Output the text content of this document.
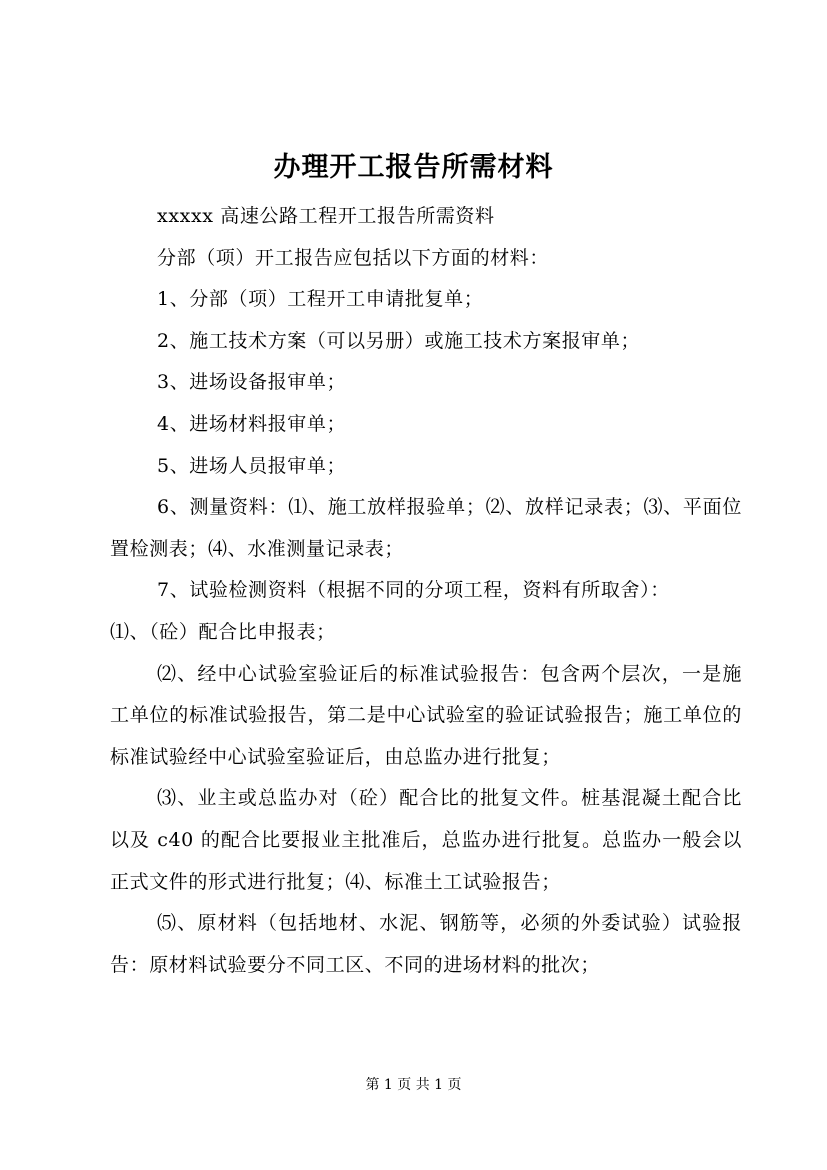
办理开工报告所需材料

xxxxx 高速公路工程开工报告所需资料

分部（项）开工报告应包括以下方面的材料：

1、分部（项）工程开工申请批复单；

2、施工技术方案（可以另册）或施工技术方案报审单；

3、进场设备报审单；

4、进场材料报审单；

5、进场人员报审单；

6、测量资料：⑴、施工放样报验单；⑵、放样记录表；⑶、平面位置检测表；⑷、水准测量记录表；

7、试验检测资料（根据不同的分项工程，资料有所取舍）：

⑴、（砼）配合比申报表；

⑵、经中心试验室验证后的标准试验报告：包含两个层次，一是施工单位的标准试验报告，第二是中心试验室的验证试验报告；施工单位的标准试验经中心试验室验证后，由总监办进行批复；

⑶、业主或总监办对（砼）配合比的批复文件。桩基混凝土配合比以及 c40 的配合比要报业主批准后，总监办进行批复。总监办一般会以正式文件的形式进行批复；⑷、标准土工试验报告；

⑸、原材料（包括地材、水泥、钢筋等，必须的外委试验）试验报告：原材料试验要分不同工区、不同的进场材料的批次；

第 1 页 共 1 页
